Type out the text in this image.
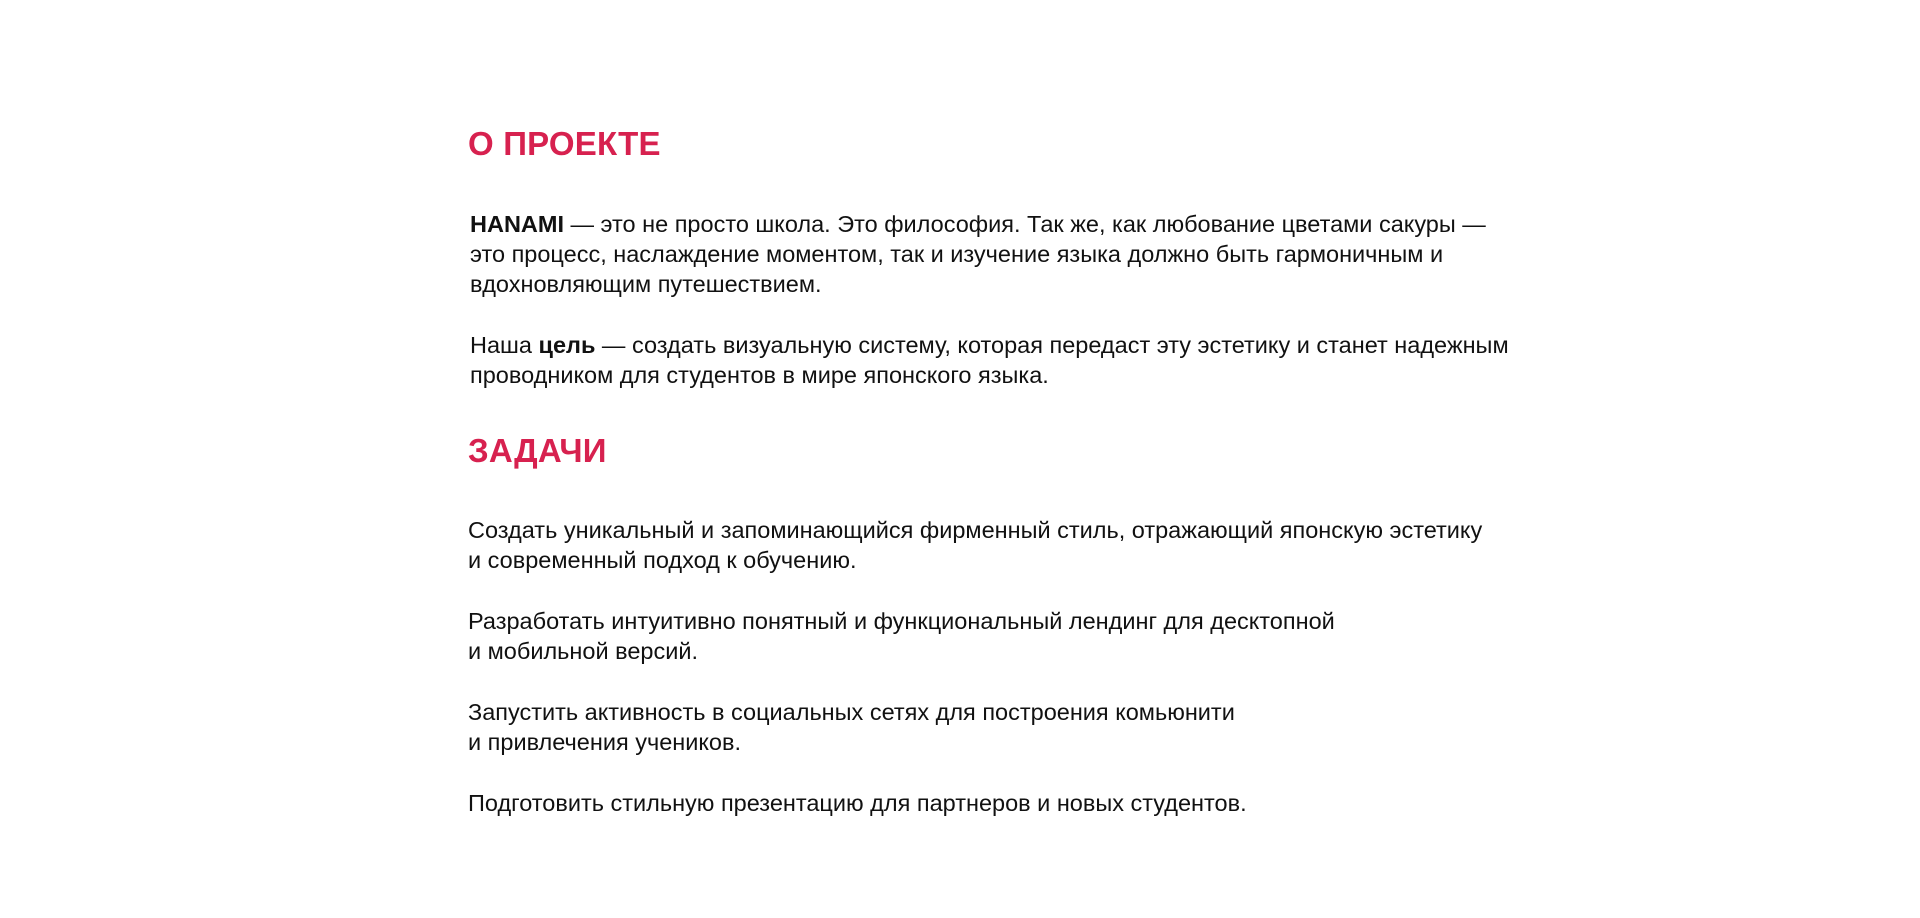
О ПРОЕКТЕ

HANAMI — это не просто школа. Это философия. Так же, как любование цветами сакуры —
это процесс, наслаждение моментом, так и изучение языка должно быть гармоничным и
вдохновляющим путешествием.

Наша цель — создать визуальную систему, которая передаст эту эстетику и станет надежным
проводником для студентов в мире японского языка.

ЗАДАЧИ

Создать уникальный и запоминающийся фирменный стиль, отражающий японскую эстетику
и современный подход к обучению.

Разработать интуитивно понятный и функциональный лендинг для десктопной
и мобильной версий.

Запустить активность в социальных сетях для построения комьюнити
и привлечения учеников.

Подготовить стильную презентацию для партнеров и новых студентов.
